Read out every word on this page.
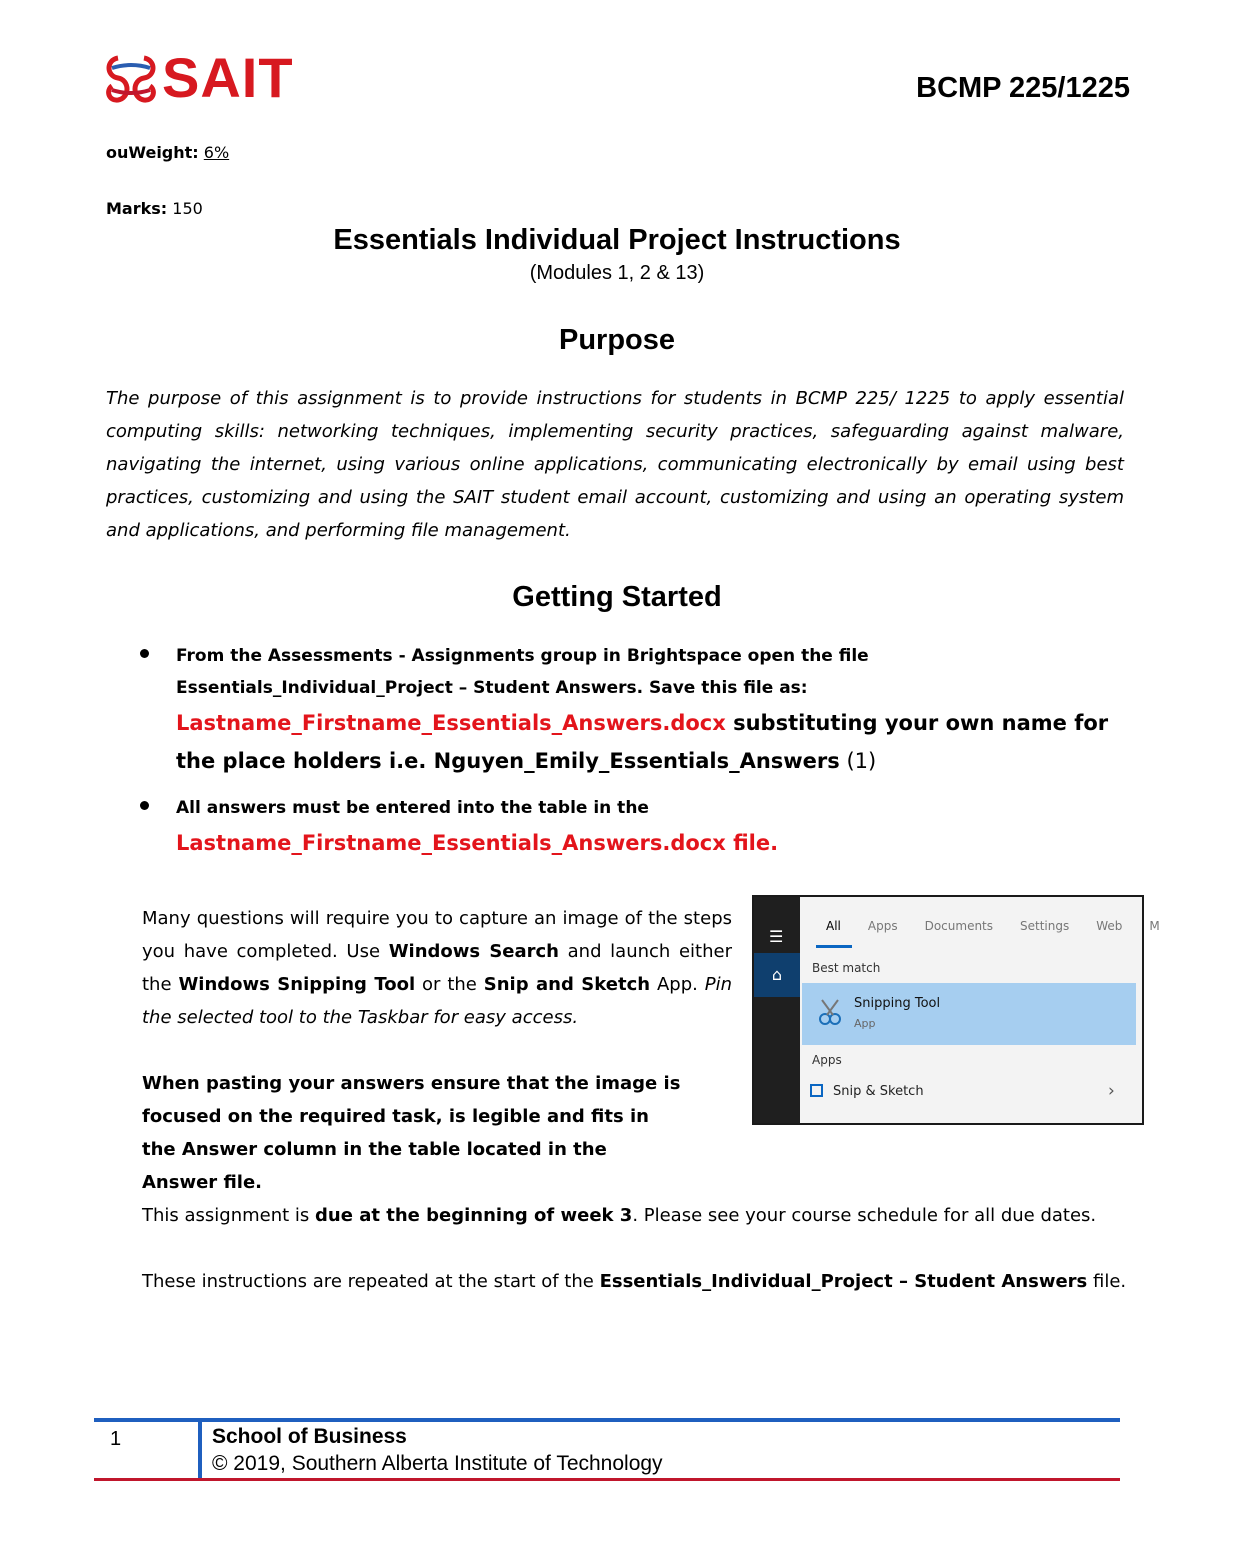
SAIT	BCMP 225/1225
ouWeight: 6%
Marks: 150
Essentials Individual Project Instructions
(Modules 1, 2 & 13)
Purpose
The purpose of this assignment is to provide instructions for students in BCMP 225/ 1225 to apply essential computing skills: networking techniques, implementing security practices, safeguarding against malware, navigating the internet, using various online applications, communicating electronically by email using best practices, customizing and using the SAIT student email account, customizing and using an operating system and applications, and performing file management.
Getting Started
From the Assessments - Assignments group in Brightspace open the file
Essentials_Individual_Project – Student Answers. Save this file as:
Lastname_Firstname_Essentials_Answers.docx substituting your own name for the place holders i.e. Nguyen_Emily_Essentials_Answers (1)
All answers must be entered into the table in the
Lastname_Firstname_Essentials_Answers.docx file.
Many questions will require you to capture an image of the steps you have completed. Use Windows Search and launch either the Windows Snipping Tool or the Snip and Sketch App. Pin the selected tool to the Taskbar for easy access.
When pasting your answers ensure that the image is focused on the required task, is legible and fits in the Answer column in the table located in the Answer file.
This assignment is due at the beginning of week 3. Please see your course schedule for all due dates.
These instructions are repeated at the start of the Essentials_Individual_Project – Student Answers file.
☰
⌂
All Apps Documents Settings Web M
Best match
Snipping Tool
App
Apps
Snip & Sketch	›
1	School of Business
© 2019, Southern Alberta Institute of Technology
